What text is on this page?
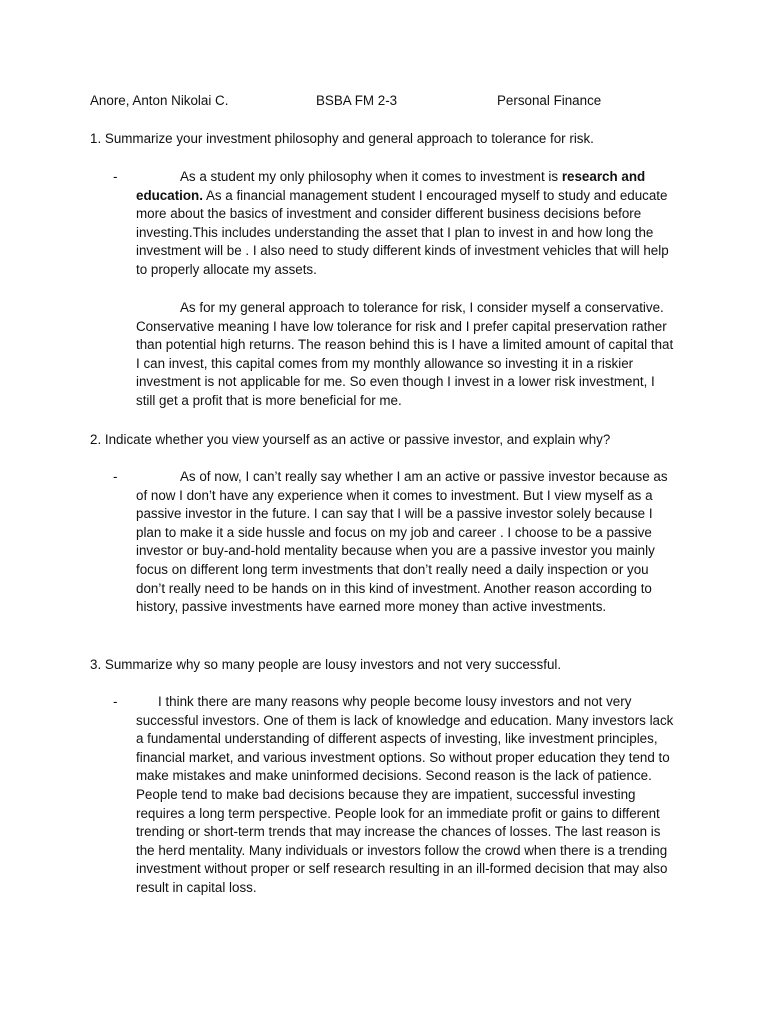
Anore, Anton Nikolai C.	BSBA FM 2-3	Personal Finance
1. Summarize your investment philosophy and general approach to tolerance for risk.
-	As a student my only philosophy when it comes to investment is research and education. As a financial management student I encouraged myself to study and educate more about the basics of investment and consider different business decisions before investing.This includes understanding the asset that I plan to invest in and how long the investment will be . I also need to study different kinds of investment vehicles that will help to properly allocate my assets.

As for my general approach to tolerance for risk, I consider myself a conservative. Conservative meaning I have low tolerance for risk and I prefer capital preservation rather than potential high returns. The reason behind this is I have a limited amount of capital that I can invest, this capital comes from my monthly allowance so investing it in a riskier investment is not applicable for me. So even though I invest in a lower risk investment, I still get a profit that is more beneficial for me.

2. Indicate whether you view yourself as an active or passive investor, and explain why?
-	As of now, I can’t really say whether I am an active or passive investor because as of now I don’t have any experience when it comes to investment. But I view myself as a passive investor in the future. I can say that I will be a passive investor solely because I plan to make it a side hussle and focus on my job and career . I choose to be a passive investor or buy-and-hold mentality because when you are a passive investor you mainly focus on different long term investments that don’t really need a daily inspection or you don’t really need to be hands on in this kind of investment. Another reason according to history, passive investments have earned more money than active investments.

3. Summarize why so many people are lousy investors and not very successful.
-	I think there are many reasons why people become lousy investors and not very successful investors. One of them is lack of knowledge and education. Many investors lack a fundamental understanding of different aspects of investing, like investment principles, financial market, and various investment options. So without proper education they tend to make mistakes and make uninformed decisions. Second reason is the lack of patience. People tend to make bad decisions because they are impatient, successful investing requires a long term perspective. People look for an immediate profit or gains to different trending or short-term trends that may increase the chances of losses. The last reason is the herd mentality. Many individuals or investors follow the crowd when there is a trending investment without proper or self research resulting in an ill-formed decision that may also result in capital loss.
